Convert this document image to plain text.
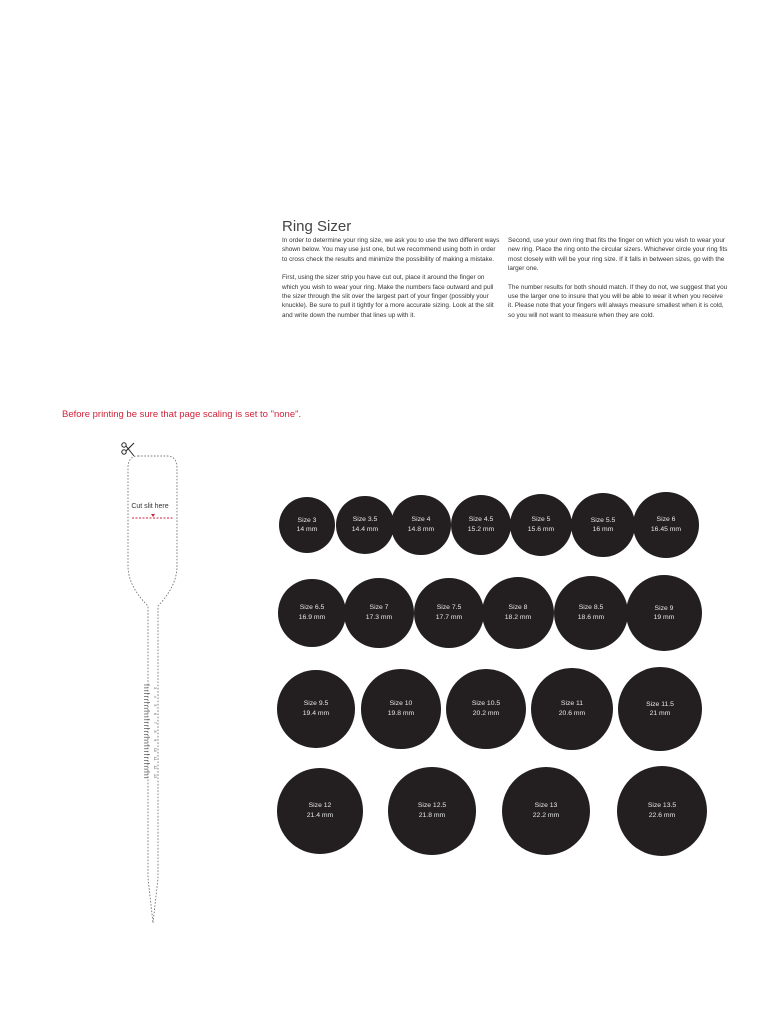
Ring Sizer

In order to determine your ring size, we ask you to use the two different ways shown below. You may use just one, but we recommend using both in order to cross check the results and minimize the possibility of making a mistake.

First, using the sizer strip you have cut out, place it around the finger on which you wish to wear your ring. Make the numbers face outward and pull the sizer through the slit over the largest part of your finger (possibly your knuckle). Be sure to pull it tightly for a more accurate sizing. Look at the slit and write down the number that lines up with it.

Second, use your own ring that fits the finger on which you wish to wear your new ring. Place the ring onto the circular sizers. Whichever circle your ring fits most closely with will be your ring size. If it falls in between sizes, go with the larger one.

The number results for both should match. If they do not, we suggest that you use the larger one to insure that you will be able to wear it when you receive it. Please note that your fingers will always measure smallest when it is cold, so you will not want to measure when they are cold.

Before printing be sure that page scaling is set to "none".
Cut slit here
3
4
5
6
7
8
9
10
11
12
13
Size 3
14 mm
Size 3.5
14.4 mm
Size 4
14.8 mm
Size 4.5
15.2 mm
Size 5
15.6 mm
Size 5.5
16 mm
Size 6
16.45 mm
Size 6.5
16.9 mm
Size 7
17.3 mm
Size 7.5
17.7 mm
Size 8
18.2 mm
Size 8.5
18.6 mm
Size 9
19 mm
Size 9.5
19.4 mm
Size 10
19.8 mm
Size 10.5
20.2 mm
Size 11
20.6 mm
Size 11.5
21 mm
Size 12
21.4 mm
Size 12.5
21.8 mm
Size 13
22.2 mm
Size 13.5
22.6 mm
